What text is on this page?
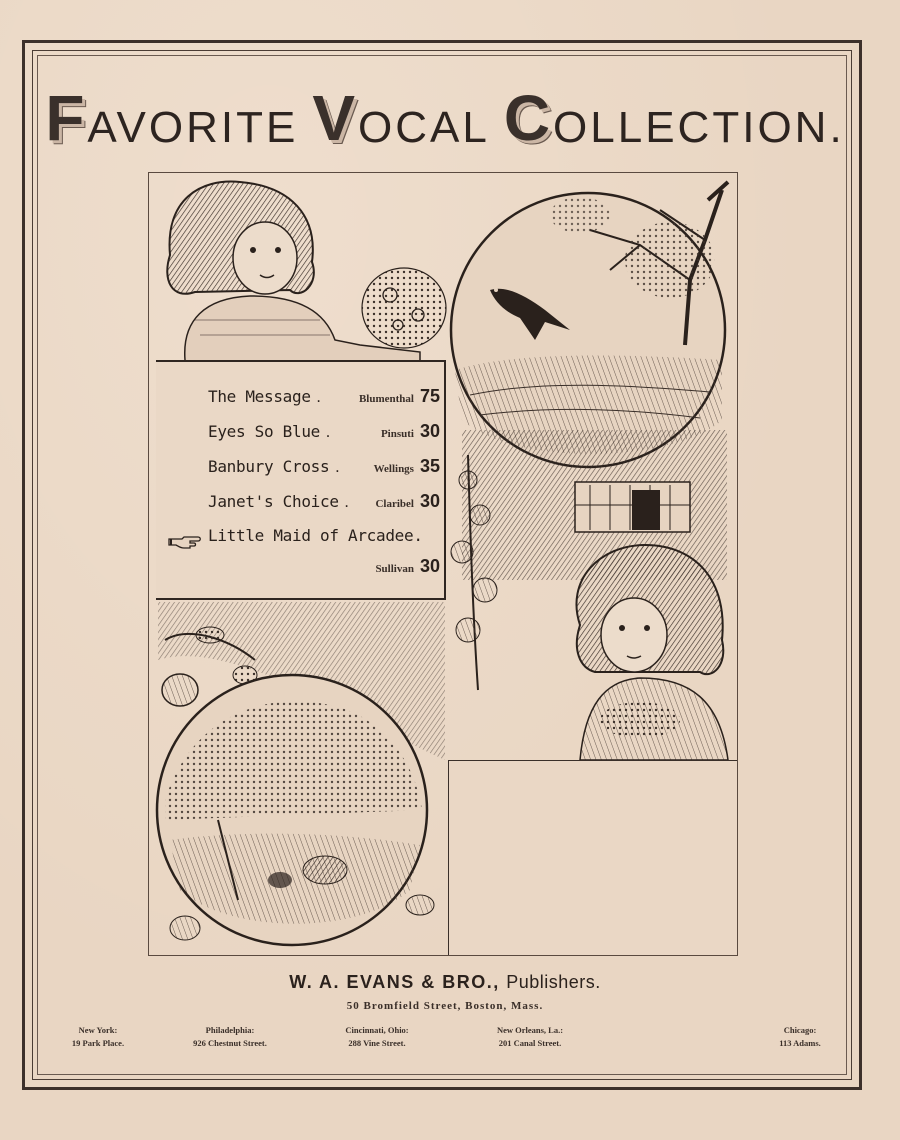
F AVORITE V OCAL C OLLECTION.
The Message .	Blumenthal 75
Eyes So Blue .	Pinsuti 30
Banbury Cross .	Wellings 35
Janet's Choice . Claribel 30
Little Maid of Arcadee.
Sullivan 30
W. A. EVANS & BRO., Publishers.
50 Bromfield Street, Boston, Mass.
New York:
19 Park Place.
Philadelphia:
926 Chestnut Street.
Cincinnati, Ohio:
288 Vine Street.
New Orleans, La.:
201 Canal Street.
Chicago:
113 Adams.
